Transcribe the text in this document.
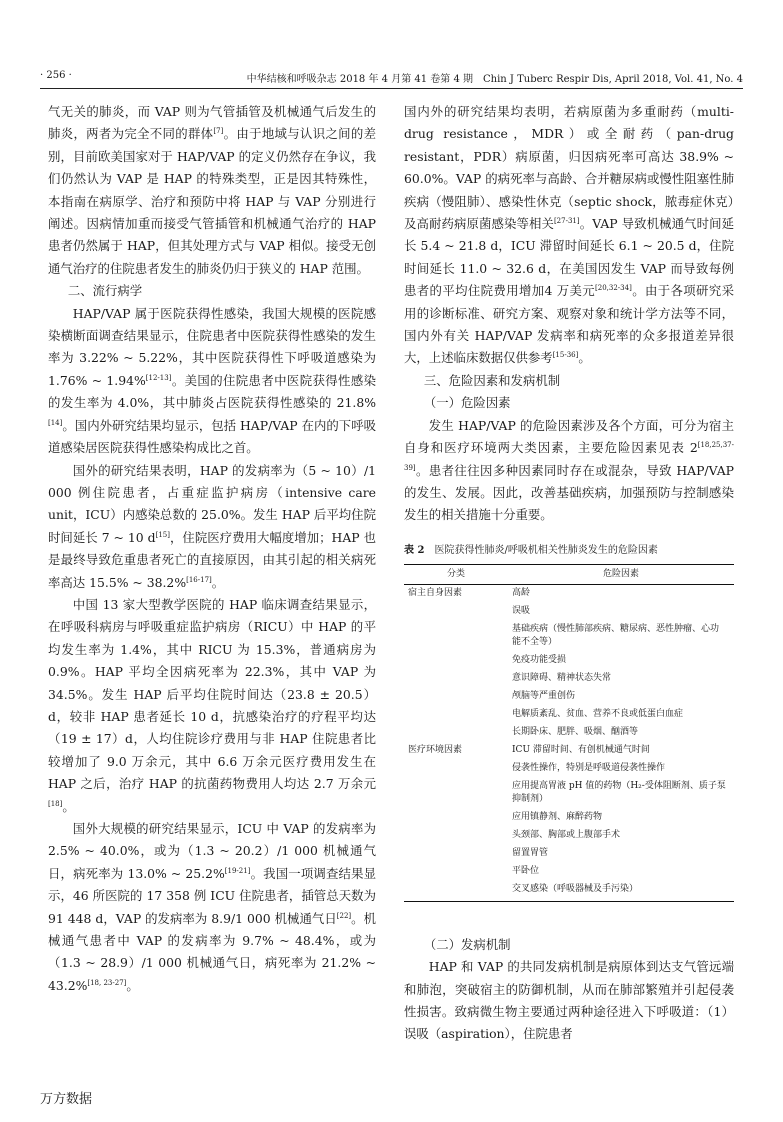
· 256 ·	中华结核和呼吸杂志 2018 年 4 月第 41 卷第 4 期　Chin J Tuberc Respir Dis, April 2018, Vol. 41, No. 4

气无关的肺炎，而 VAP 则为气管插管及机械通气后发生的肺炎，两者为完全不同的群体[7]。由于地域与认识之间的差别，目前欧美国家对于 HAP/VAP 的定义仍然存在争议，我们仍然认为 VAP 是 HAP 的特殊类型，正是因其特殊性，本指南在病原学、治疗和预防中将 HAP 与 VAP 分别进行阐述。因病情加重而接受气管插管和机械通气治疗的 HAP 患者仍然属于 HAP，但其处理方式与 VAP 相似。接受无创通气治疗的住院患者发生的肺炎仍归于狭义的 HAP 范围。

二、流行病学

HAP/VAP 属于医院获得性感染，我国大规模的医院感染横断面调查结果显示，住院患者中医院获得性感染的发生率为 3.22% ~ 5.22%，其中医院获得性下呼吸道感染为 1.76% ~ 1.94%[12-13]。美国的住院患者中医院获得性感染的发生率为 4.0%，其中肺炎占医院获得性感染的 21.8%[14]。国内外研究结果均显示，包括 HAP/VAP 在内的下呼吸道感染居医院获得性感染构成比之首。

国外的研究结果表明，HAP 的发病率为（5 ~ 10）/1 000 例住院患者，占重症监护病房（intensive care unit，ICU）内感染总数的 25.0%。发生 HAP 后平均住院时间延长 7 ~ 10 d[15]，住院医疗费用大幅度增加；HAP 也是最终导致危重患者死亡的直接原因，由其引起的相关病死率高达 15.5% ~ 38.2%[16-17]。

中国 13 家大型教学医院的 HAP 临床调查结果显示，在呼吸科病房与呼吸重症监护病房（RICU）中 HAP 的平均发生率为 1.4%，其中 RICU 为 15.3%，普通病房为 0.9%。HAP 平均全因病死率为 22.3%，其中 VAP 为 34.5%。发生 HAP 后平均住院时间达（23.8 ± 20.5）d，较非 HAP 患者延长 10 d，抗感染治疗的疗程平均达（19 ± 17）d，人均住院诊疗费用与非 HAP 住院患者比较增加了 9.0 万余元，其中 6.6 万余元医疗费用发生在 HAP 之后，治疗 HAP 的抗菌药物费用人均达 2.7 万余元[18]。

国外大规模的研究结果显示，ICU 中 VAP 的发病率为 2.5% ~ 40.0%，或为（1.3 ~ 20.2）/1 000 机械通气日，病死率为 13.0% ~ 25.2%[19-21]。我国一项调查结果显示，46 所医院的 17 358 例 ICU 住院患者，插管总天数为 91 448 d，VAP 的发病率为 8.9/1 000 机械通气日[22]。机械通气患者中 VAP 的发病率为 9.7% ~ 48.4%，或为（1.3 ~ 28.9）/1 000 机械通气日，病死率为 21.2% ~ 43.2%[18, 23-27]。

国内外的研究结果均表明，若病原菌为多重耐药（multi-drug resistance，MDR）或全耐药（pan-drug resistant，PDR）病原菌，归因病死率可高达 38.9% ~ 60.0%。VAP 的病死率与高龄、合并糖尿病或慢性阻塞性肺疾病（慢阻肺）、感染性休克（septic shock，脓毒症休克）及高耐药病原菌感染等相关[27-31]。VAP 导致机械通气时间延长 5.4 ~ 21.8 d，ICU 滞留时间延长 6.1 ~ 20.5 d，住院时间延长 11.0 ~ 32.6 d，在美国因发生 VAP 而导致每例患者的平均住院费用增加4 万美元[20,32-34]。由于各项研究采用的诊断标准、研究方案、观察对象和统计学方法等不同，国内外有关 HAP/VAP 发病率和病死率的众多报道差异很大，上述临床数据仅供参考[15-36]。

三、危险因素和发病机制

（一）危险因素

发生 HAP/VAP 的危险因素涉及各个方面，可分为宿主自身和医疗环境两大类因素，主要危险因素见表 2[18,25,37-39]。患者往往因多种因素同时存在或混杂，导致 HAP/VAP 的发生、发展。因此，改善基础疾病，加强预防与控制感染发生的相关措施十分重要。

表 2 医院获得性肺炎/呼吸机相关性肺炎发生的危险因素
分类	危险因素
宿主自身因素	高龄
	误吸
	基础疾病（慢性肺部疾病、糖尿病、恶性肿瘤、心功能不全等）
	免疫功能受损
	意识障碍、精神状态失常
	颅脑等严重创伤
	电解质紊乱、贫血、营养不良或低蛋白血症
	长期卧床、肥胖、吸烟、酗酒等
医疗环境因素	ICU 滞留时间、有创机械通气时间
	侵袭性操作，特别是呼吸道侵袭性操作
	应用提高胃液 pH 值的药物（H₂-受体阻断剂、质子泵抑制剂）
	应用镇静剂、麻醉药物
	头颈部、胸部或上腹部手术
	留置胃管
	平卧位
	交叉感染（呼吸器械及手污染）

（二）发病机制

HAP 和 VAP 的共同发病机制是病原体到达支气管远端和肺泡，突破宿主的防御机制，从而在肺部繁殖并引起侵袭性损害。致病微生物主要通过两种途径进入下呼吸道：（1）误吸（aspiration），住院患者

万方数据
